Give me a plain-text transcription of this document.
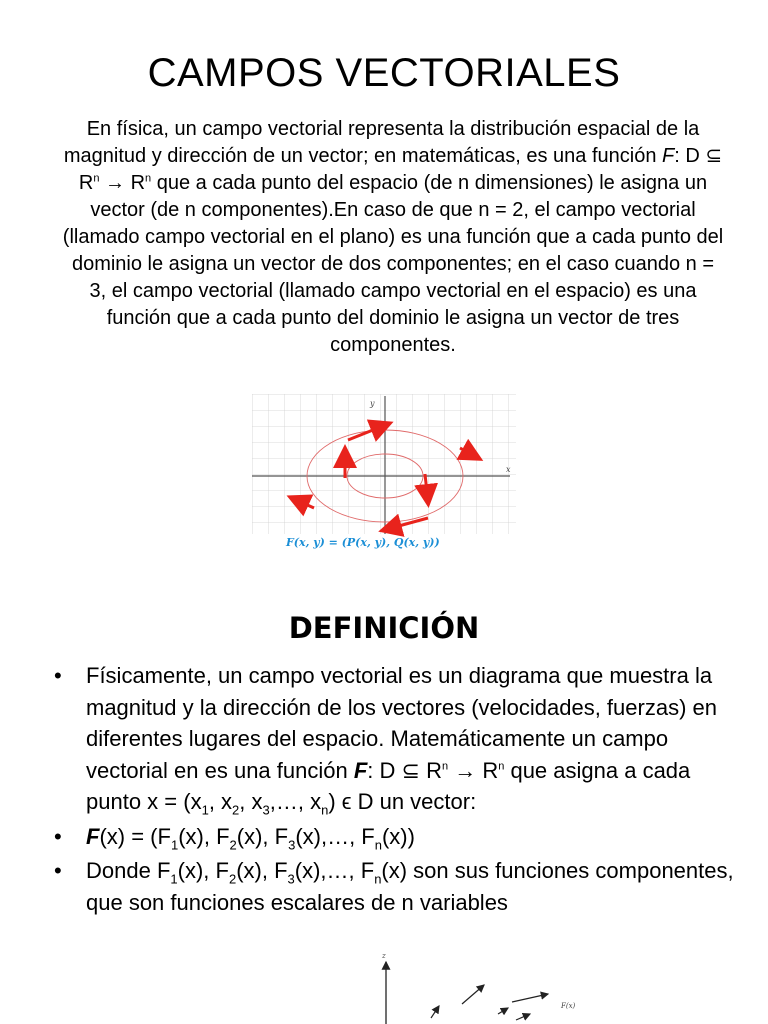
CAMPOS VECTORIALES
En física, un campo vectorial representa la distribución espacial de la magnitud y dirección de un vector; en matemáticas, es una función F: D ⊆ $R^n \to R^n$ que a cada punto del espacio (de n dimensiones) le asigna un vector (de n componentes).En caso de que n = 2, el campo vectorial (llamado campo vectorial en el plano) es una función que a cada punto del dominio le asigna un vector de dos componentes; en el caso cuando n = 3, el campo vectorial (llamado campo vectorial en el espacio) es una función que a cada punto del dominio le asigna un vector de tres componentes.
y
x
F(x, y) = (P(x, y), Q(x, y))
DEFINICIÓN
• Físicamente, un campo vectorial es un diagrama que muestra la magnitud y la dirección de los vectores (velocidades, fuerzas) en diferentes lugares del espacio. Matemáticamente un campo vectorial en es una función F: D ⊆ $R^n \to R^n$ que asigna a cada punto $x = (x_1$, $x_2$, $x_3,\dots$, $x_n$) ϵ D un vector:
• $F(x) = (F_1(x)$, $F_2(x)$, $F_3(x),\dots$, $F_n(x)$)
• Donde $F_1(x)$, $F_2(x)$, $F_3(x),\dots$, $F_n(x)$ son sus funciones componentes, que son funciones escalares de n variables
z
F(x)
